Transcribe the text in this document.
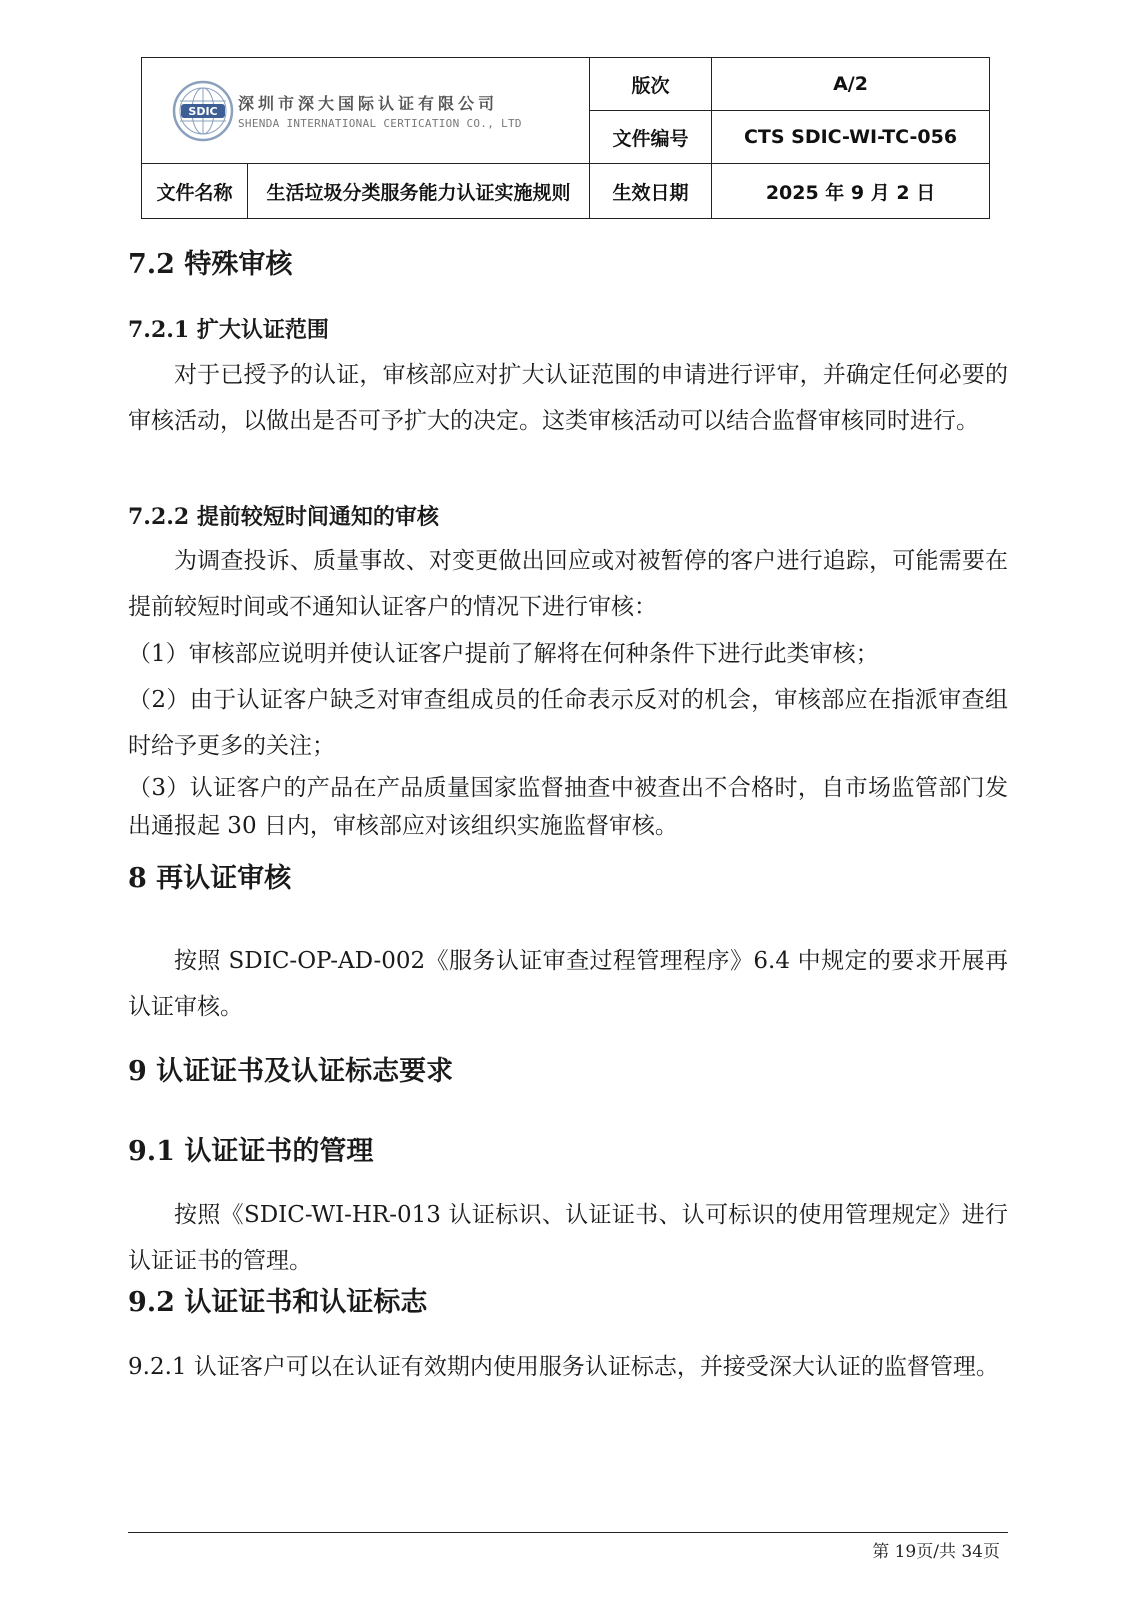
SDIC 深圳市深大国际认证有限公司
SHENDA INTERNATIONAL CERTICATION CO., LTD		版次	A/2
		文件编号	CTS SDIC-WI-TC-056
文件名称	生活垃圾分类服务能力认证实施规则	生效日期	2025 年 9 月 2 日
7.2 特殊审核
7.2.1 扩大认证范围

对于已授予的认证，审核部应对扩大认证范围的申请进行评审，并确定任何必要的审核活动，以做出是否可予扩大的决定。这类审核活动可以结合监督审核同时进行。

7.2.2 提前较短时间通知的审核

为调查投诉、质量事故、对变更做出回应或对被暂停的客户进行追踪，可能需要在提前较短时间或不通知认证客户的情况下进行审核：

（1）审核部应说明并使认证客户提前了解将在何种条件下进行此类审核；

（2）由于认证客户缺乏对审查组成员的任命表示反对的机会，审核部应在指派审查组时给予更多的关注；

（3）认证客户的产品在产品质量国家监督抽查中被查出不合格时，自市场监管部门发出通报起 30 日内，审核部应对该组织实施监督审核。

8 再认证审核

按照 SDIC-OP-AD-002《服务认证审查过程管理程序》6.4 中规定的要求开展再认证审核。

9 认证证书及认证标志要求
9.1 认证证书的管理

按照《SDIC-WI-HR-013 认证标识、认证证书、认可标识的使用管理规定》进行认证证书的管理。

9.2 认证证书和认证标志

9.2.1 认证客户可以在认证有效期内使用服务认证标志，并接受深大认证的监督管理。

第 19页/共 34页
